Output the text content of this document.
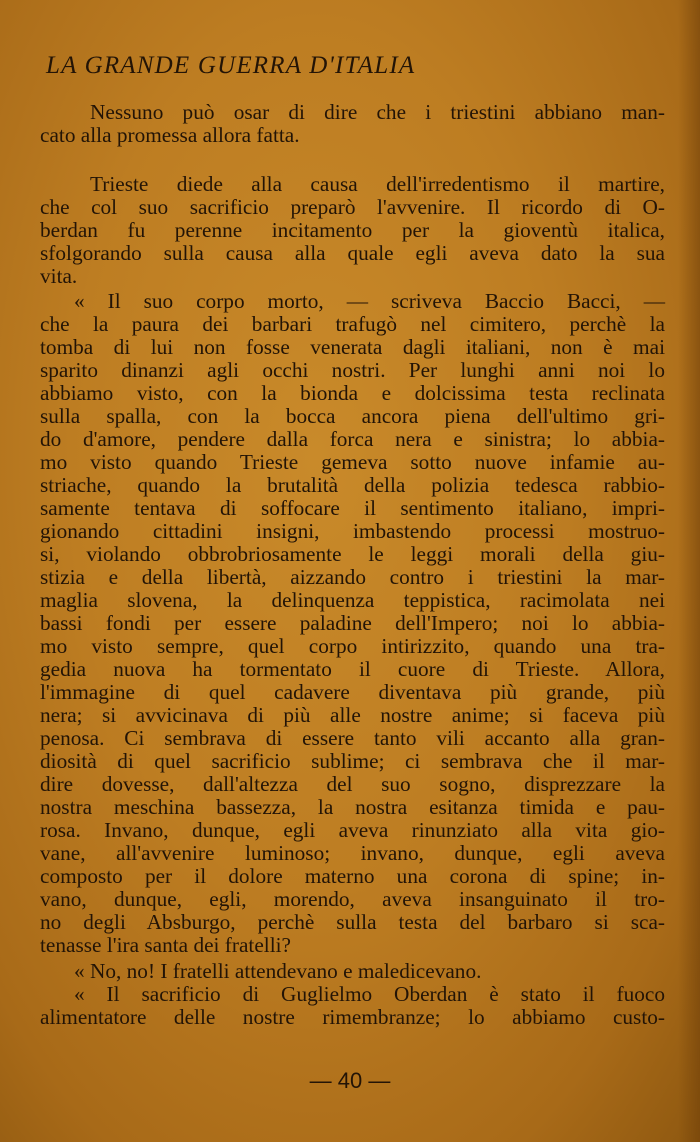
LA GRANDE GUERRA D'ITALIA
Nessuno può osar di dire che i triestini abbiano man-
cato alla promessa allora fatta.
Trieste diede alla causa dell'irredentismo il martire,
che col suo sacrificio preparò l'avvenire. Il ricordo di O-
berdan fu perenne incitamento per la gioventù italica,
sfolgorando sulla causa alla quale egli aveva dato la sua
vita.
« Il suo corpo morto, — scriveva Baccio Bacci, —
che la paura dei barbari trafugò nel cimitero, perchè la
tomba di lui non fosse venerata dagli italiani, non è mai
sparito dinanzi agli occhi nostri. Per lunghi anni noi lo
abbiamo visto, con la bionda e dolcissima testa reclinata
sulla spalla, con la bocca ancora piena dell'ultimo gri-
do d'amore, pendere dalla forca nera e sinistra; lo abbia-
mo visto quando Trieste gemeva sotto nuove infamie au-
striache, quando la brutalità della polizia tedesca rabbio-
samente tentava di soffocare il sentimento italiano, impri-
gionando cittadini insigni, imbastendo processi mostruo-
si, violando obbrobriosamente le leggi morali della giu-
stizia e della libertà, aizzando contro i triestini la mar-
maglia slovena, la delinquenza teppistica, racimolata nei
bassi fondi per essere paladine dell'Impero; noi lo abbia-
mo visto sempre, quel corpo intirizzito, quando una tra-
gedia nuova ha tormentato il cuore di Trieste. Allora,
l'immagine di quel cadavere diventava più grande, più
nera; si avvicinava di più alle nostre anime; si faceva più
penosa. Ci sembrava di essere tanto vili accanto alla gran-
diosità di quel sacrificio sublime; ci sembrava che il mar-
dire dovesse, dall'altezza del suo sogno, disprezzare la
nostra meschina bassezza, la nostra esitanza timida e pau-
rosa. Invano, dunque, egli aveva rinunziato alla vita gio-
vane, all'avvenire luminoso; invano, dunque, egli aveva
composto per il dolore materno una corona di spine; in-
vano, dunque, egli, morendo, aveva insanguinato il tro-
no degli Absburgo, perchè sulla testa del barbaro si sca-
tenasse l'ira santa dei fratelli?
« No, no! I fratelli attendevano e maledicevano.
« Il sacrificio di Guglielmo Oberdan è stato il fuoco
alimentatore delle nostre rimembranze; lo abbiamo custo-

— 40 —
